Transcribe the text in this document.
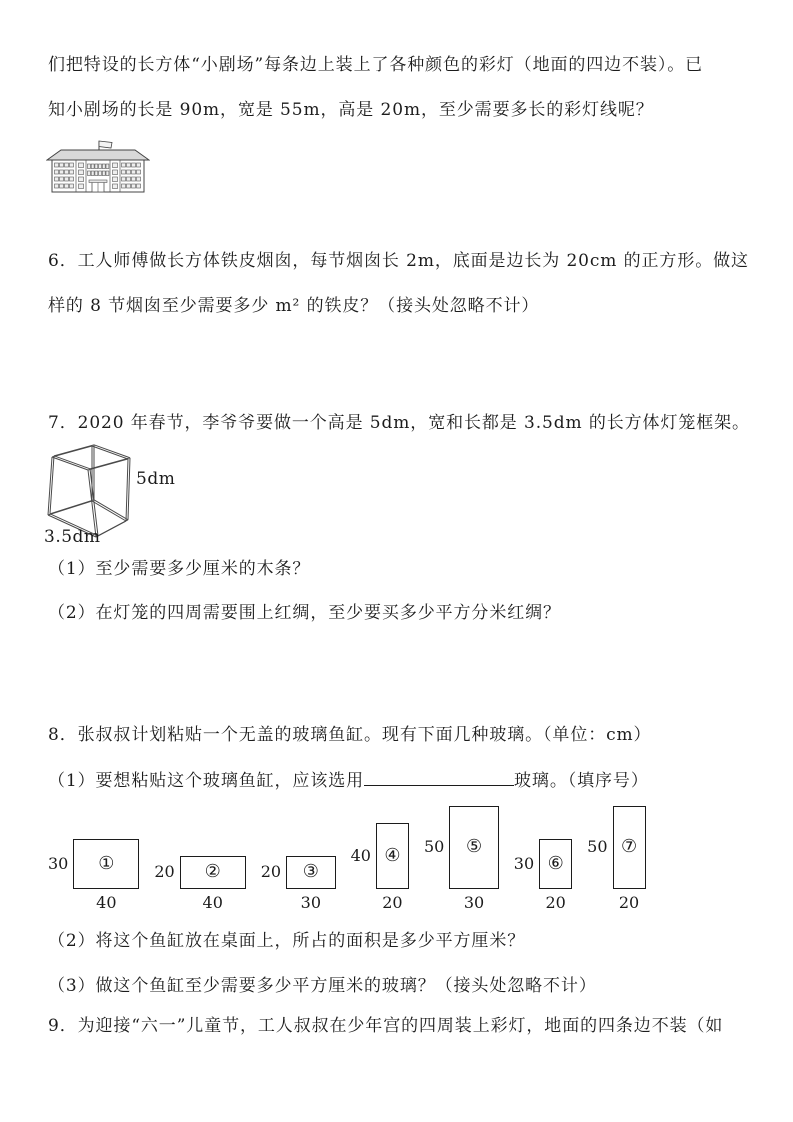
们把特设的长方体“小剧场”每条边上装上了各种颜色的彩灯（地面的四边不装）。已
知小剧场的长是 90m，宽是 55m，高是 20m，至少需要多长的彩灯线呢？
6．工人师傅做长方体铁皮烟囱，每节烟囱长 2m，底面是边长为 20cm 的正方形。做这
样的 8 节烟囱至少需要多少 m² 的铁皮？（接头处忽略不计）
7．2020 年春节，李爷爷要做一个高是 5dm，宽和长都是 3.5dm 的长方体灯笼框架。
5dm
3.5dm
（1）至少需要多少厘米的木条？
（2）在灯笼的四周需要围上红绸，至少要买多少平方分米红绸？
8．张叔叔计划粘贴一个无盖的玻璃鱼缸。现有下面几种玻璃。（单位：cm）
（1）要想粘贴这个玻璃鱼缸，应该选用	玻璃。（填序号）
30 ①
40
20 ②
40
20 ③
30
40 ④
20
50 ⑤
30
30 ⑥
20
50 ⑦
20
（2）将这个鱼缸放在桌面上，所占的面积是多少平方厘米？
（3）做这个鱼缸至少需要多少平方厘米的玻璃？（接头处忽略不计）
9．为迎接“六一”儿童节，工人叔叔在少年宫的四周装上彩灯，地面的四条边不装（如
